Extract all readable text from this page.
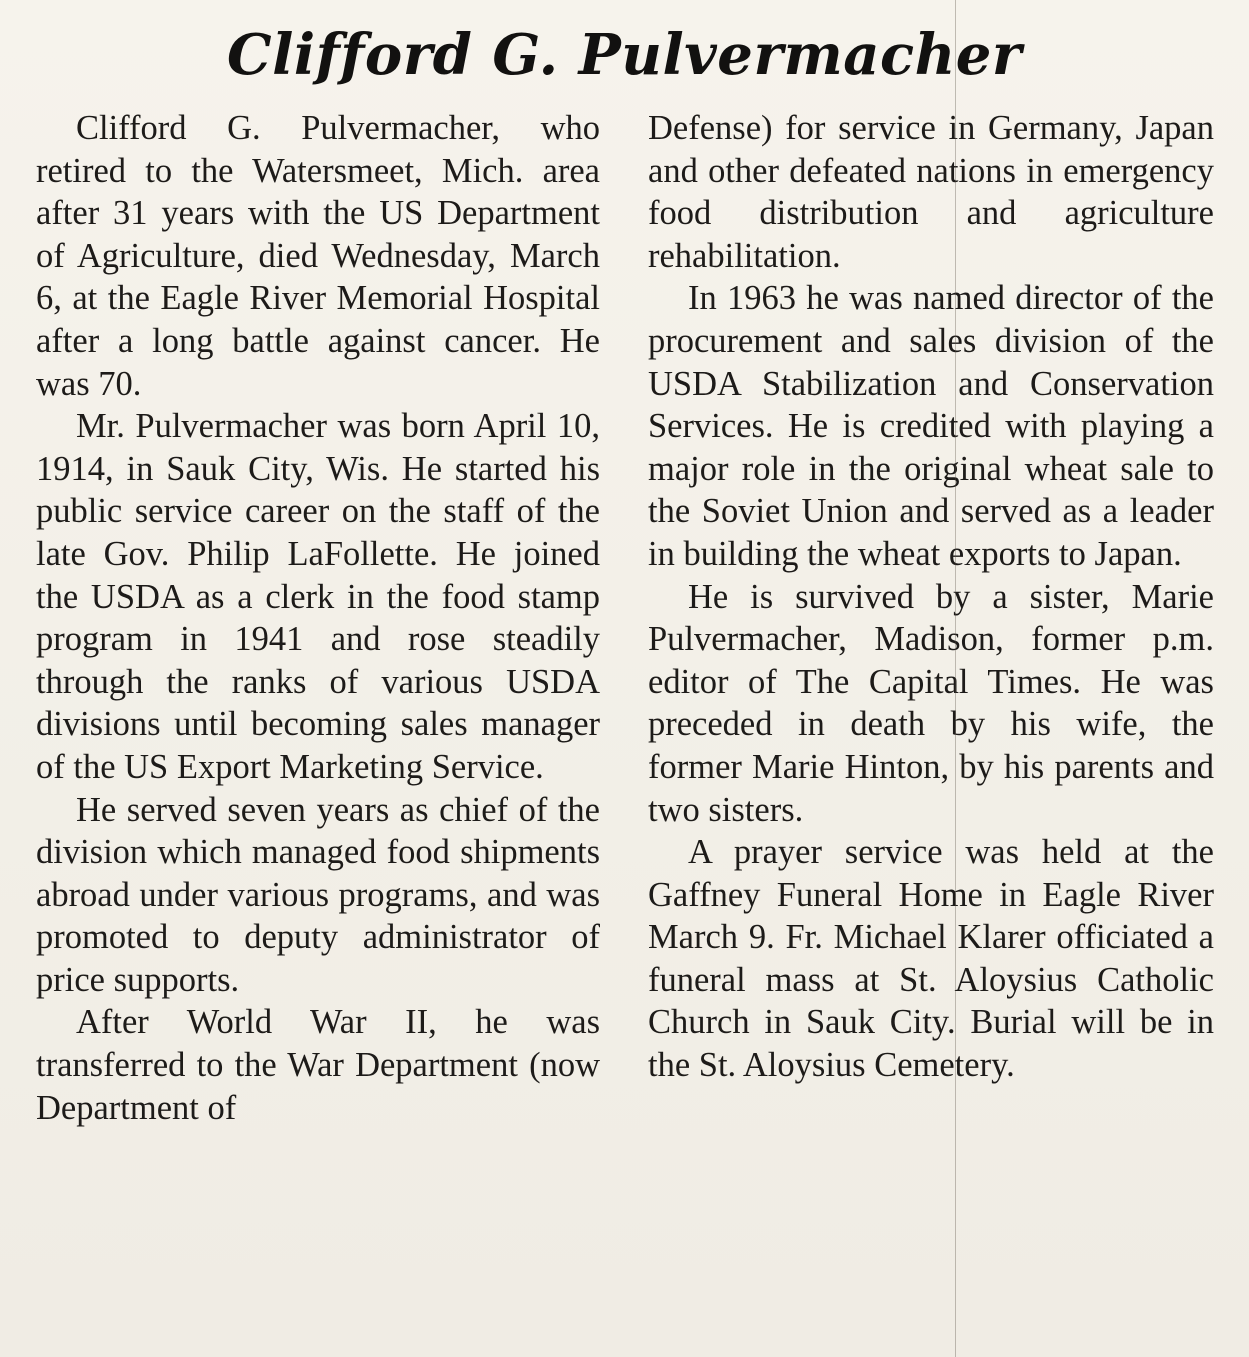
Clifford G. Pulvermacher

Clifford G. Pulvermacher, who retired to the Watersmeet, Mich. area after 31 years with the US Department of Agriculture, died Wednesday, March 6, at the Eagle River Memorial Hospital after a long battle against cancer. He was 70.

Mr. Pulvermacher was born April 10, 1914, in Sauk City, Wis. He started his public service career on the staff of the late Gov. Philip LaFollette. He joined the USDA as a clerk in the food stamp program in 1941 and rose steadily through the ranks of various USDA divisions until becoming sales manager of the US Export Marketing Service.

He served seven years as chief of the division which managed food shipments abroad under various programs, and was promoted to deputy administrator of price supports.

After World War II, he was transferred to the War Department (now Department of

Defense) for service in Germany, Japan and other defeated nations in emergency food distribution and agriculture rehabilitation.

In 1963 he was named director of the procurement and sales division of the USDA Stabilization and Conservation Services. He is credited with playing a major role in the original wheat sale to the Soviet Union and served as a leader in building the wheat exports to Japan.

He is survived by a sister, Marie Pulvermacher, Madison, former p.m. editor of The Capital Times. He was preceded in death by his wife, the former Marie Hinton, by his parents and two sisters.

A prayer service was held at the Gaffney Funeral Home in Eagle River March 9. Fr. Michael Klarer officiated a funeral mass at St. Aloysius Catholic Church in Sauk City. Burial will be in the St. Aloysius Cemetery.
